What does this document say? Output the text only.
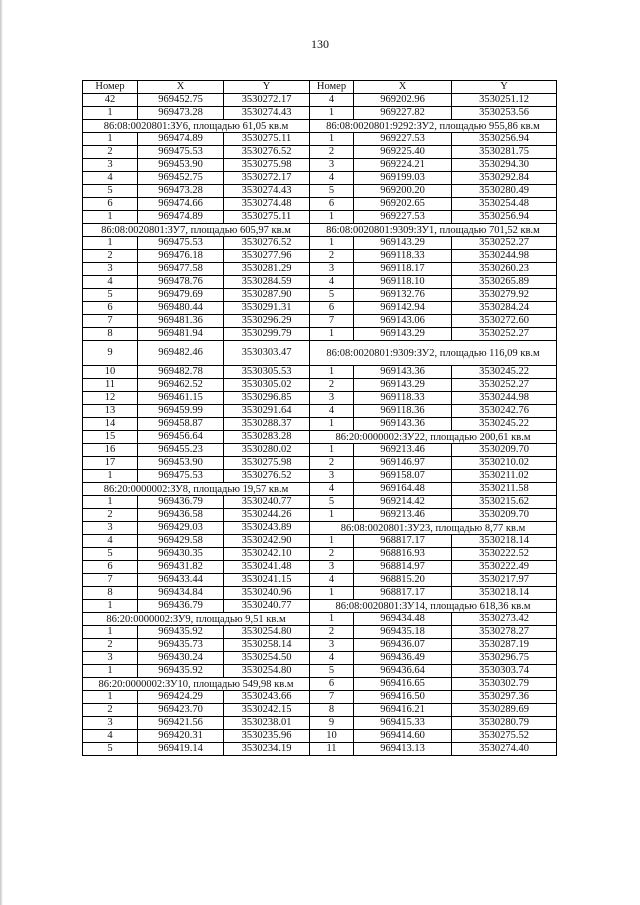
130
Номер	X	Y	Номер	X	Y
42	969452.75	3530272.17	4	969202.96	3530251.12
1	969473.28	3530274.43	1	969227.82	3530253.56
86:08:0020801:ЗУ6, площадью 61,05 кв.м			86:08:0020801:9292:ЗУ2, площадью 955,86 кв.м		
1	969474.89	3530275.11	1	969227.53	3530256.94
2	969475.53	3530276.52	2	969225.40	3530281.75
3	969453.90	3530275.98	3	969224.21	3530294.30
4	969452.75	3530272.17	4	969199.03	3530292.84
5	969473.28	3530274.43	5	969200.20	3530280.49
6	969474.66	3530274.48	6	969202.65	3530254.48
1	969474.89	3530275.11	1	969227.53	3530256.94
86:08:0020801:ЗУ7, площадью 605,97 кв.м			86:08:0020801:9309:ЗУ1, площадью 701,52 кв.м		
1	969475.53	3530276.52	1	969143.29	3530252.27
2	969476.18	3530277.96	2	969118.33	3530244.98
3	969477.58	3530281.29	3	969118.17	3530260.23
4	969478.76	3530284.59	4	969118.10	3530265.89
5	969479.69	3530287.90	5	969132.76	3530279.92
6	969480.44	3530291.31	6	969142.94	3530284.24
7	969481.36	3530296.29	7	969143.06	3530272.60
8	969481.94	3530299.79	1	969143.29	3530252.27
9	969482.46	3530303.47	86:08:0020801:9309:ЗУ2, площадью 116,09 кв.м		
10	969482.78	3530305.53	1	969143.36	3530245.22
11	969462.52	3530305.02	2	969143.29	3530252.27
12	969461.15	3530296.85	3	969118.33	3530244.98
13	969459.99	3530291.64	4	969118.36	3530242.76
14	969458.87	3530288.37	1	969143.36	3530245.22
15	969456.64	3530283.28	86:20:0000002:ЗУ22, площадью 200,61 кв.м		
16	969455.23	3530280.02	1	969213.46	3530209.70
17	969453.90	3530275.98	2	969146.97	3530210.02
1	969475.53	3530276.52	3	969158.07	3530211.02
86:20:0000002:ЗУ8, площадью 19,57 кв.м			4	969164.48	3530211.58
1	969436.79	3530240.77	5	969214.42	3530215.62
2	969436.58	3530244.26	1	969213.46	3530209.70
3	969429.03	3530243.89	86:08:0020801:ЗУ23, площадью 8,77 кв.м		
4	969429.58	3530242.90	1	968817.17	3530218.14
5	969430.35	3530242.10	2	968816.93	3530222.52
6	969431.82	3530241.48	3	968814.97	3530222.49
7	969433.44	3530241.15	4	968815.20	3530217.97
8	969434.84	3530240.96	1	968817.17	3530218.14
1	969436.79	3530240.77	86:08:0020801:ЗУ14, площадью 618,36 кв.м		
86:20:0000002:ЗУ9, площадью 9,51 кв.м			1	969434.48	3530273.42
1	969435.92	3530254.80	2	969435.18	3530278.27
2	969435.73	3530258.14	3	969436.07	3530287.19
3	969430.24	3530254.50	4	969436.49	3530296.75
1	969435.92	3530254.80	5	969436.64	3530303.74
86:20:0000002:ЗУ10, площадью 549,98 кв.м			6	969416.65	3530302.79
1	969424.29	3530243.66	7	969416.50	3530297.36
2	969423.70	3530242.15	8	969416.21	3530289.69
3	969421.56	3530238.01	9	969415.33	3530280.79
4	969420.31	3530235.96	10	969414.60	3530275.52
5	969419.14	3530234.19	11	969413.13	3530274.40
